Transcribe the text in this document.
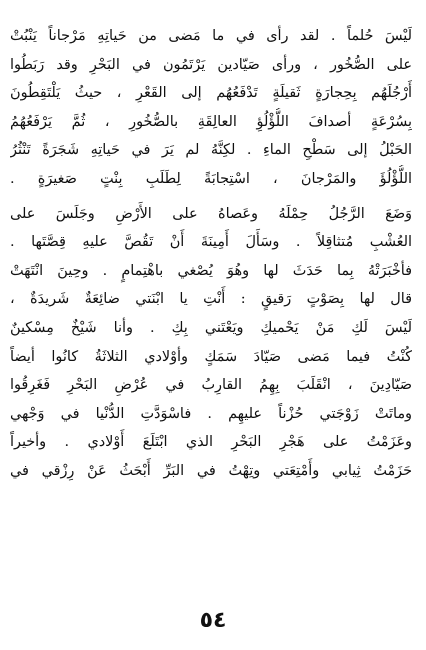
لَيْسَ حُلماً . لقد رأى في ما مَضى من حَياتِهِ مَرْجاناً يَنْبُتْ
على الصُّخُور ، ورأى صَيّادين يَرْتَمُون في البَحْرِ وقد رَبَطُوا
أَرْجُلَهُم بِحِجارَةٍ ثَقيلَةٍ تَدْفَعُهُم إلى القَعْرِ ، حيثُ يَلْتَقِطُونَ
بِسُرْعَةٍ أصدافَ اللُّؤْلُؤِ العالِقَةِ بالصُّخُورِ ، ثُمَّ يَرْفَعُهُمُ
الحَبْلُ إلى سَطْحِ الماءِ . لكِنَّهُ لم يَرَ في حَياتِهِ شَجَرَةً تَنْثُرُ
اللُّؤْلُؤَ والمَرْجانَ ، اسْتِجابَةً لِطَلَبِ بِنْتٍ صَغيرَةٍ .
وَضَعَ الرَّجُلُ حِمْلَهُ وعَصاهُ على الأَرْضِ وجَلَسَ على
العُشْبِ مُتثاقِلاً . وسَأَلَ أَمِينَةَ أَنْ تَقُصَّ عليهِ قِصَّتَها .
فأخْبَرَتْهُ بِما حَدَثَ لها وهُوَ يُصْغي باهْتِمامٍ . وحِينَ انْتَهَتْ
قال لها بِصَوْتٍ رَقيقٍ : أَنْتِ يا ابْنَتي ضائِعَةٌ شَريدَةٌ ،
لَيْسَ لَكِ مَنْ يَحْميكِ ويَعْتَني بِكِ . وأنا شَيْخٌ مِسْكينٌ
كُنْتُ فيما مَضى صَيّادَ سَمَكٍ وأوْلادي الثلاثَةُ كانُوا أيضاً
صَيّادِينَ ، انْقَلَبَ بِهِمُ القارِبُ في عُرْضِ البَحْرِ فَغَرِقُوا
وماتَتْ زَوْجَتي حُزْناً عليهِم . فاسْوَدَّتِ الدُّنْيا في وَجْهي
وعَزَمْتُ على هَجْرِ البَحْرِ الذي ابْتَلَعَ أَوْلادي . وأخيراً
حَزَمْتُ ثِيابي وأَمْتِعَتي وتِهْتُ في البَرِّ أَبْحَثُ عَنْ رِزْقي في
٥٤
